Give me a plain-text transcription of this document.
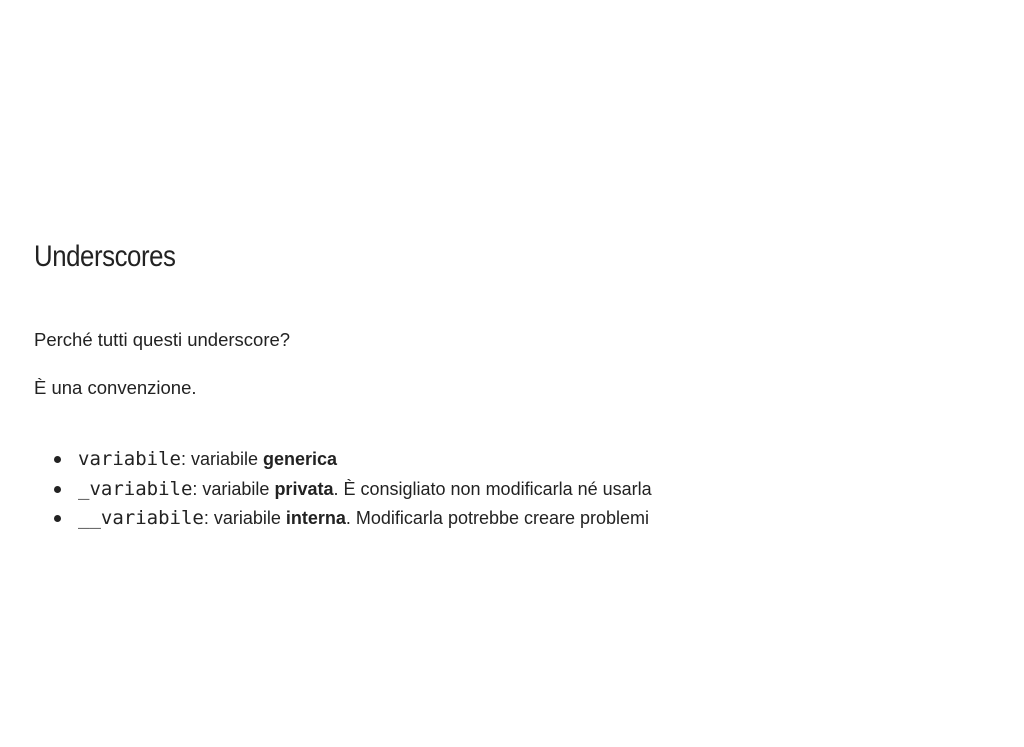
Underscores

Perché tutti questi underscore?

È una convenzione.

variabile: variabile generica
_variabile: variabile privata. È consigliato non modificarla né usarla
__variabile: variabile interna. Modificarla potrebbe creare problemi
